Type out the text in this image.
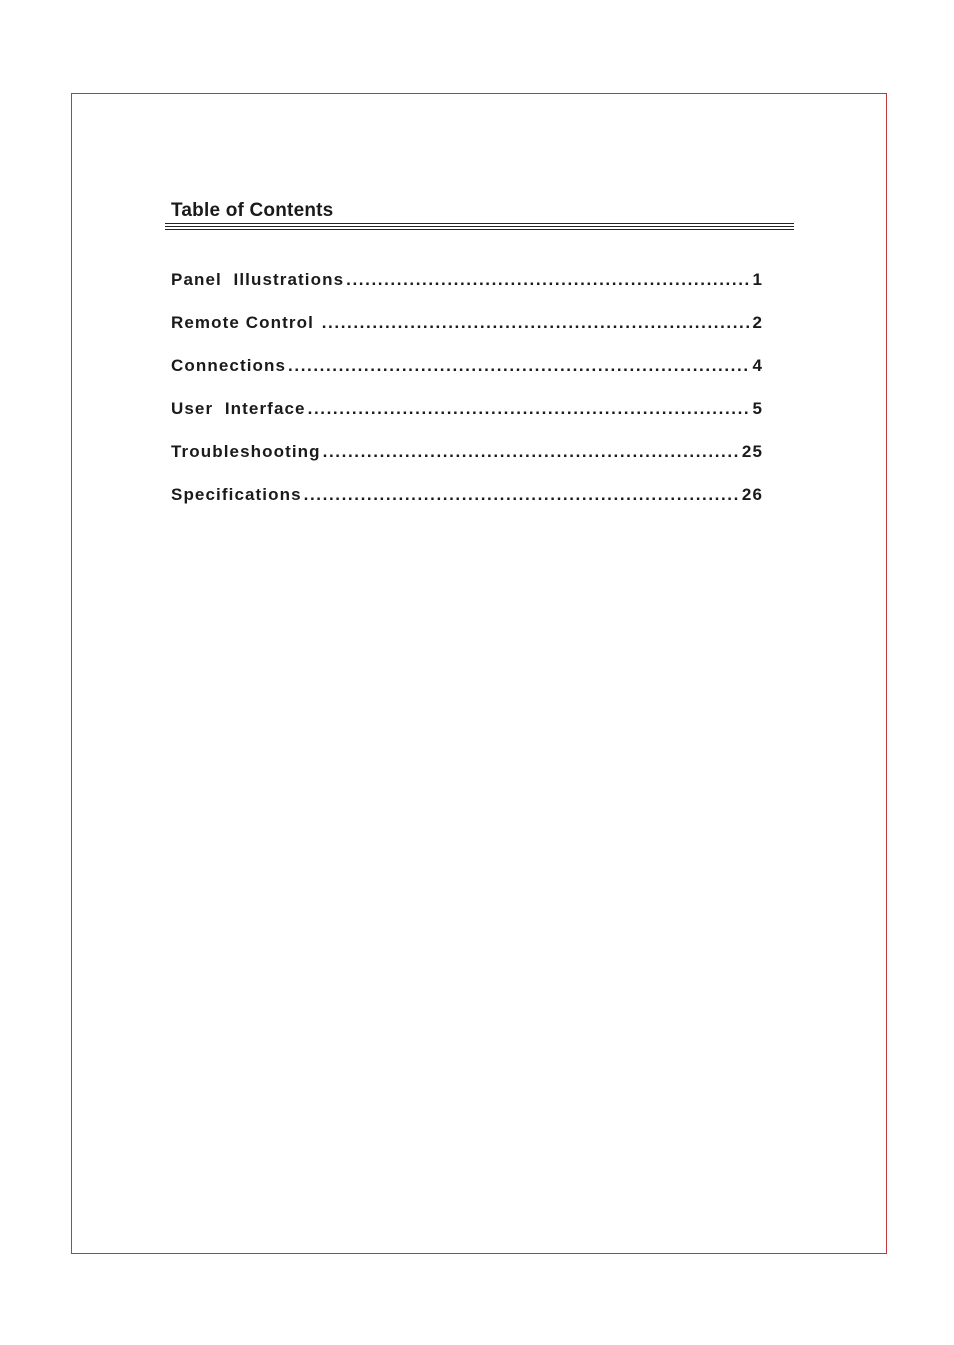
Table of Contents
Panel  Illustrations .....	1
Remote Control .....	2
Connections .....	4
User  Interface .....	5
Troubleshooting .....	25
Specifications .....	26
